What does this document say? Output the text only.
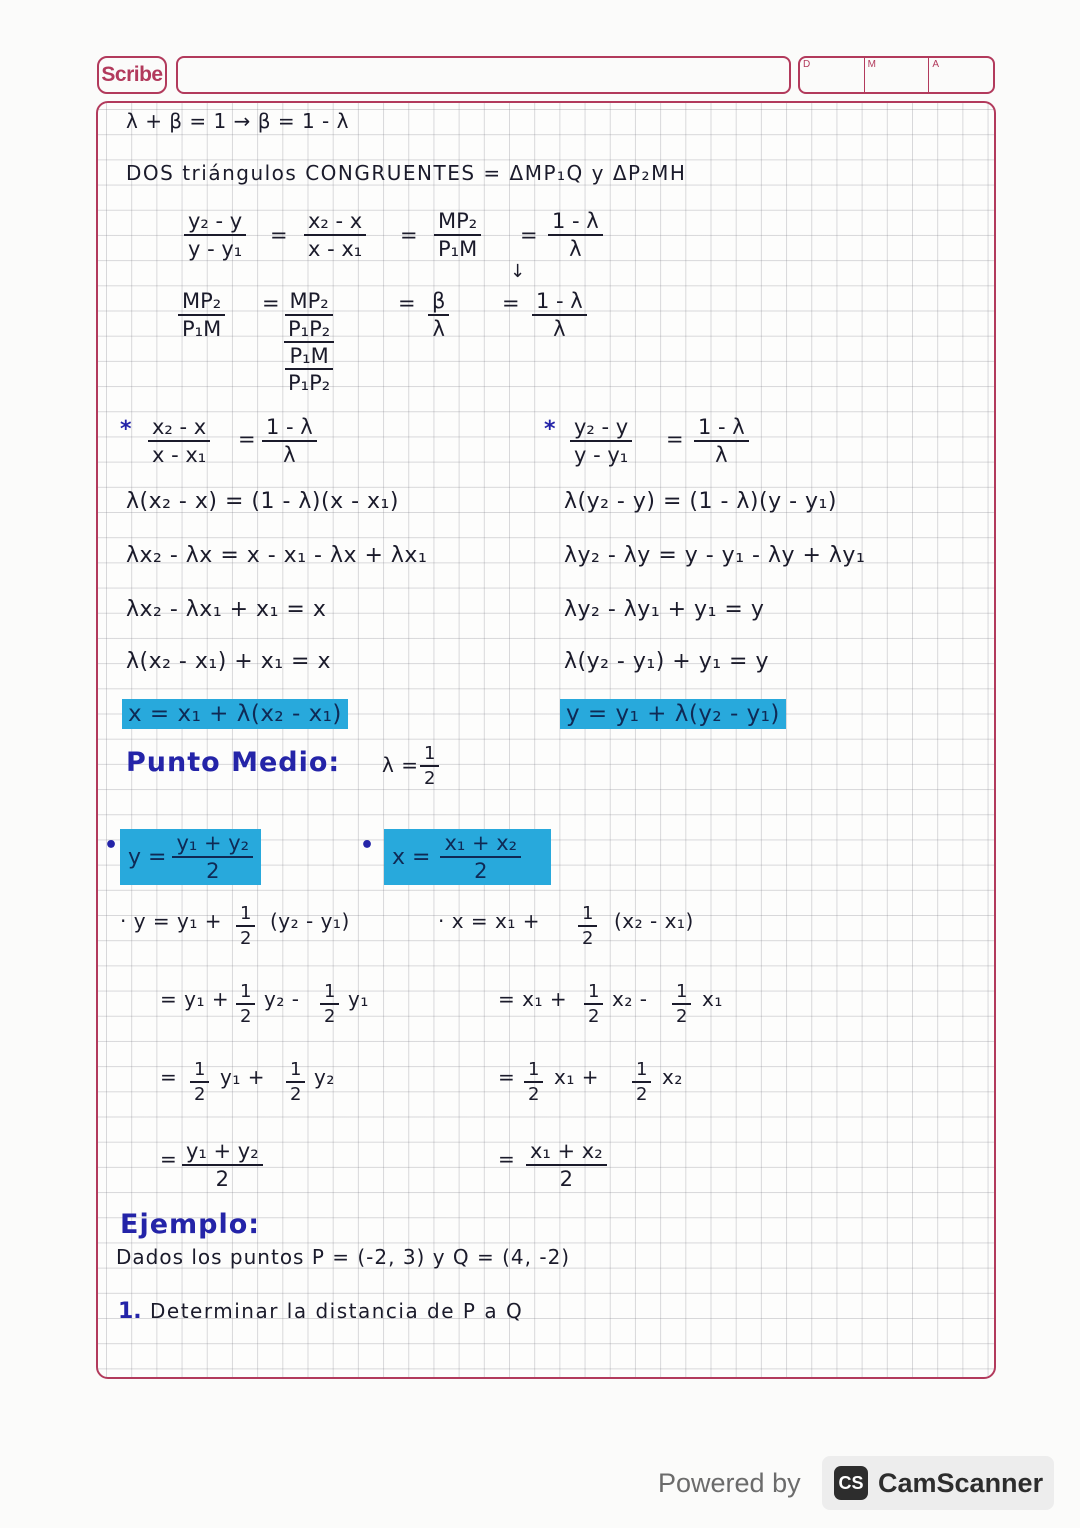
Scribe	D	M	A
λ + β = 1 → β = 1 - λ
DOS triángulos CONGRUENTES = ΔMP₁Q y ΔP₂MH
$\frac{\text{y₂ - y}}{\text{y - y₁}} = \frac{\text{x₂ - x}}{\text{x - x₁}} = \frac{\text{MP₂}}{\text{P₁M}} = \frac{1 - \lambda}{\lambda}$
↓
$\frac{\text{MP₂}}{\text{P₁M}} = MP_2$
P₁P₂
P₁M
P₁P₂
= $\frac{\beta}{\lambda}$	= $\frac{1 - \lambda}{\lambda}$
* $\frac{\text{x₂ - x}}{\text{x - x₁}} = \frac{1 - \lambda}{\lambda}$
λ(x₂ - x) = (1 - λ)(x - x₁)
λx₂ - λx = x - x₁ - λx + λx₁
λx₂ - λx₁ + x₁ = x
λ(x₂ - x₁) + x₁ = x
x = x₁ + λ(x₂ - x₁)
* $\frac{\text{y₂ - y}}{\text{y - y₁}} = \frac{1 - \lambda}{\lambda}$
λ(y₂ - y) = (1 - λ)(y - y₁)
λy₂ - λy = y - y₁ - λy + λy₁
λy₂ - λy₁ + y₁ = y
λ(y₂ - y₁) + y₁ = y
y = y₁ + λ(y₂ - y₁)
Punto Medio: $\lambda = \frac{1}{2}$
• $y = \frac{\text{y₁ + y₂}}{2}$	• $x = \frac{\text{x₁ + x₂}}{2}$
· $y = y_1 + \frac{1}{2} (y_2 - y_1)$
= $y_1 + \frac{1}{2} y_2 - \frac{1}{2} y_1$
= $\frac{1}{2} y_1 + \frac{1}{2} y_2$
= $\frac{\text{y₁ + y₂}}{2}$
· $x = x_1 + \frac{1}{2} (x_2 - x_1)$
= $x_1 + \frac{1}{2} x_2 - \frac{1}{2} x_1$
= $\frac{1}{2} x_1 + \frac{1}{2} x_2$
= $\frac{\text{x₁ + x₂}}{2}$
Ejemplo:
Dados los puntos P = (-2, 3) y Q = (4, -2)
1. Determinar la distancia de P a Q
Powered by CS CamScanner
